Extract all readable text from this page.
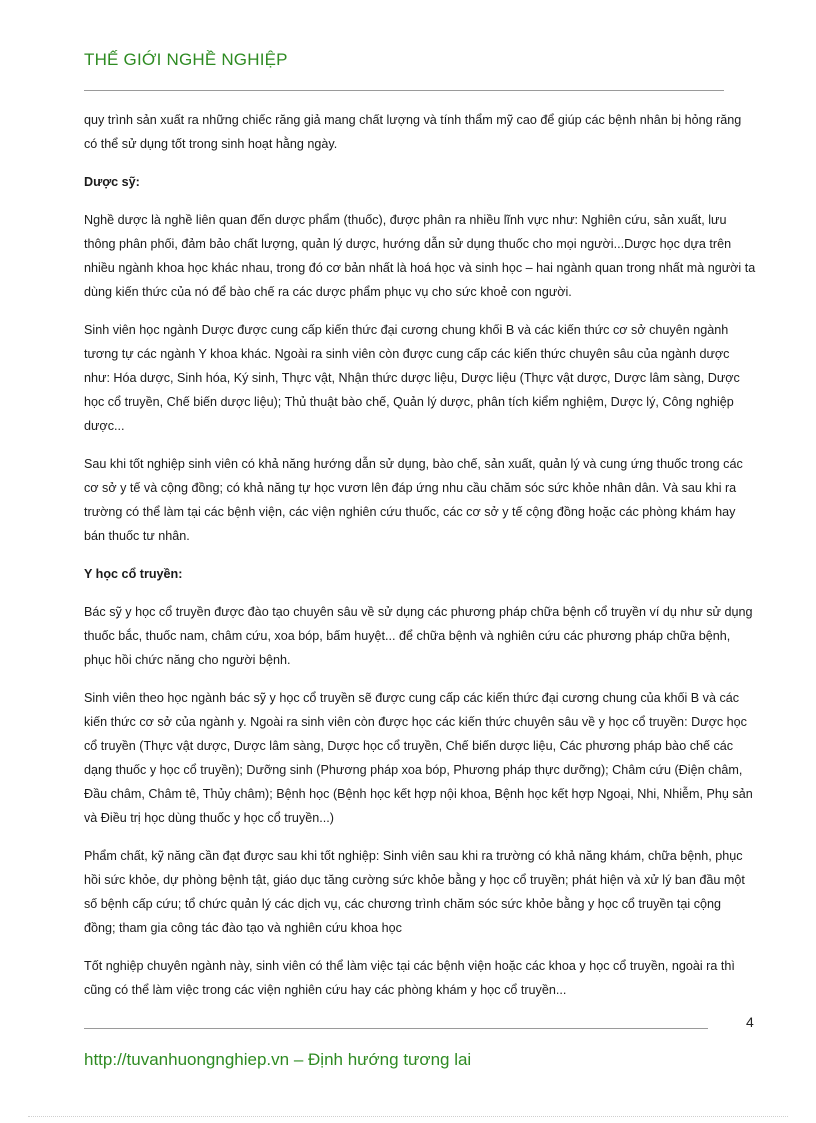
THẾ GIỚI NGHỀ NGHIỆP

quy trình sản xuất ra những chiếc răng giả mang chất lượng và tính thẩm mỹ cao để giúp các bệnh nhân bị hỏng răng có thể sử dụng tốt trong sinh hoạt hằng ngày.

Dược sỹ:

Nghề dược là nghề liên quan đến dược phẩm (thuốc), được phân ra nhiều lĩnh vực như: Nghiên cứu, sản xuất, lưu thông phân phối, đảm bảo chất lượng, quản lý dược, hướng dẫn sử dụng thuốc cho mọi người...Dược học dựa trên nhiều ngành khoa học khác nhau, trong đó cơ bản nhất là hoá học và sinh học – hai ngành quan trong nhất mà người ta dùng kiến thức của nó để bào chế ra các dược phẩm phục vụ cho sức khoẻ con người.

Sinh viên học ngành Dược được cung cấp kiến thức đại cương chung khối B và các kiến thức cơ sở chuyên ngành tương tự các ngành Y khoa khác. Ngoài ra sinh viên còn được cung cấp các kiến thức chuyên sâu của ngành dược như: Hóa dược, Sinh hóa, Ký sinh, Thực vật, Nhận thức dược liệu, Dược liệu (Thực vật dược, Dược lâm sàng, Dược học cổ truyền, Chế biến dược liệu); Thủ thuật bào chế, Quản lý dược, phân tích kiểm nghiệm, Dược lý, Công nghiệp dược...

Sau khi tốt nghiệp sinh viên có khả năng hướng dẫn sử dụng, bào chế, sản xuất, quản lý và cung ứng thuốc trong các cơ sở y tế và cộng đồng; có khả năng tự học vươn lên đáp ứng nhu cầu chăm sóc sức khỏe nhân dân. Và sau khi ra trường có thể làm tại các bệnh viện, các viện nghiên cứu thuốc, các cơ sở y tế cộng đồng hoặc các phòng khám hay bán thuốc tư nhân.

Y học cổ truyền:

Bác sỹ y học cổ truyền được đào tạo chuyên sâu về sử dụng các phương pháp chữa bệnh cổ truyền ví dụ như sử dụng thuốc bắc, thuốc nam, châm cứu, xoa bóp, bấm huyệt... để chữa bệnh và nghiên cứu các phương pháp chữa bệnh, phục hồi chức năng cho người bệnh.

Sinh viên theo học ngành bác sỹ y học cổ truyền sẽ được cung cấp các kiến thức đại cương chung của khối B và các kiến thức cơ sở của ngành y. Ngoài ra sinh viên còn được học các kiến thức chuyên sâu về y học cổ truyền: Dược học cổ truyền (Thực vật dược, Dược lâm sàng, Dược học cổ truyền, Chế biến dược liệu, Các phương pháp bào chế các dạng thuốc y học cổ truyền); Dưỡng sinh (Phương pháp xoa bóp, Phương pháp thực dưỡng); Châm cứu (Điện châm, Đầu châm, Châm tê, Thủy châm); Bệnh học (Bệnh học kết hợp nội khoa, Bệnh học kết hợp Ngoại, Nhi, Nhiễm, Phụ sản và Điều trị học dùng thuốc y học cổ truyền...)

Phẩm chất, kỹ năng cần đạt được sau khi tốt nghiệp: Sinh viên sau khi ra trường có khả năng khám, chữa bệnh, phục hồi sức khỏe, dự phòng bệnh tật, giáo dục tăng cường sức khỏe bằng y học cổ truyền; phát hiện và xử lý ban đầu một số bệnh cấp cứu; tổ chức quản lý các dịch vụ, các chương trình chăm sóc sức khỏe bằng y học cổ truyền tại cộng đồng; tham gia công tác đào tạo và nghiên cứu khoa học

Tốt nghiệp chuyên ngành này, sinh viên có thể làm việc tại các bệnh viện hoặc các khoa y học cổ truyền, ngoài ra thì cũng có thể làm việc trong các viện nghiên cứu hay các phòng khám y học cổ truyền...

4
http://tuvanhuongnghiep.vn – Định hướng tương lai
